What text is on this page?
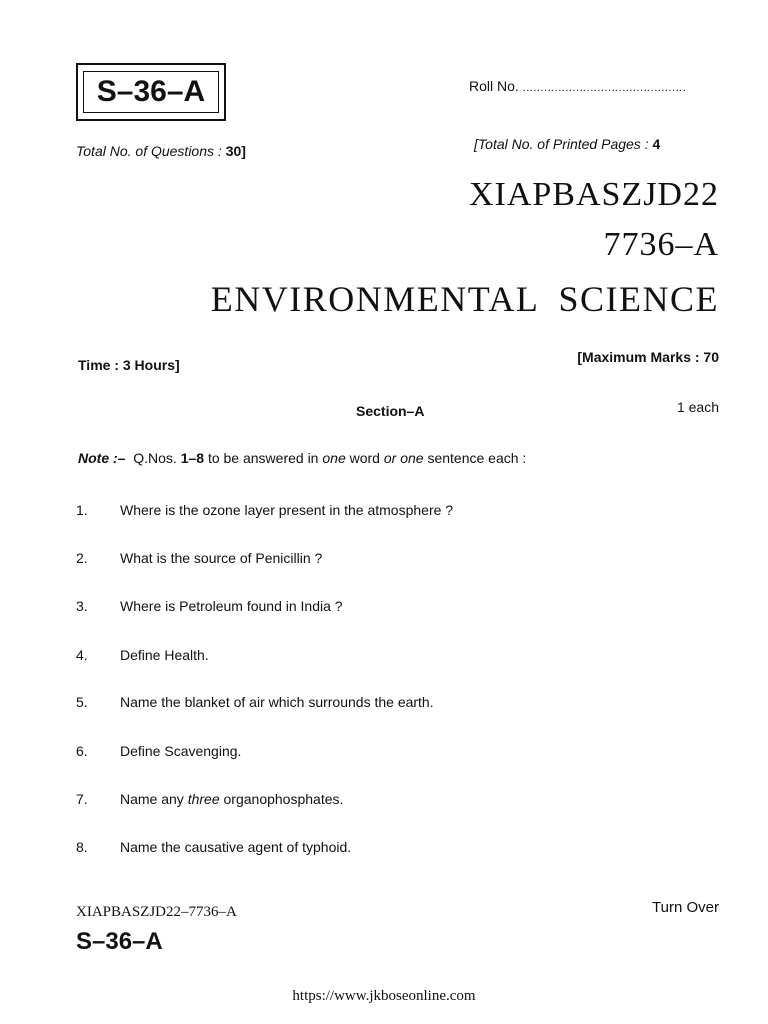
S–36–A	Roll No. ..............................................
Total No. of Questions : 30]	[Total No. of Printed Pages : 4
XIAPBASZJD22
7736–A
ENVIRONMENTAL SCIENCE
Time : 3 Hours]	[Maximum Marks : 70
Section–A	1 each
Note :– Q.Nos. 1–8 to be answered in one word or one sentence each :
1. Where is the ozone layer present in the atmosphere ?
2. What is the source of Penicillin ?
3. Where is Petroleum found in India ?
4. Define Health.
5. Name the blanket of air which surrounds the earth.
6. Define Scavenging.
7. Name any three organophosphates.
8. Name the causative agent of typhoid.
XIAPBASZJD22–7736–A
S–36–A
Turn Over
https://www.jkboseonline.com
